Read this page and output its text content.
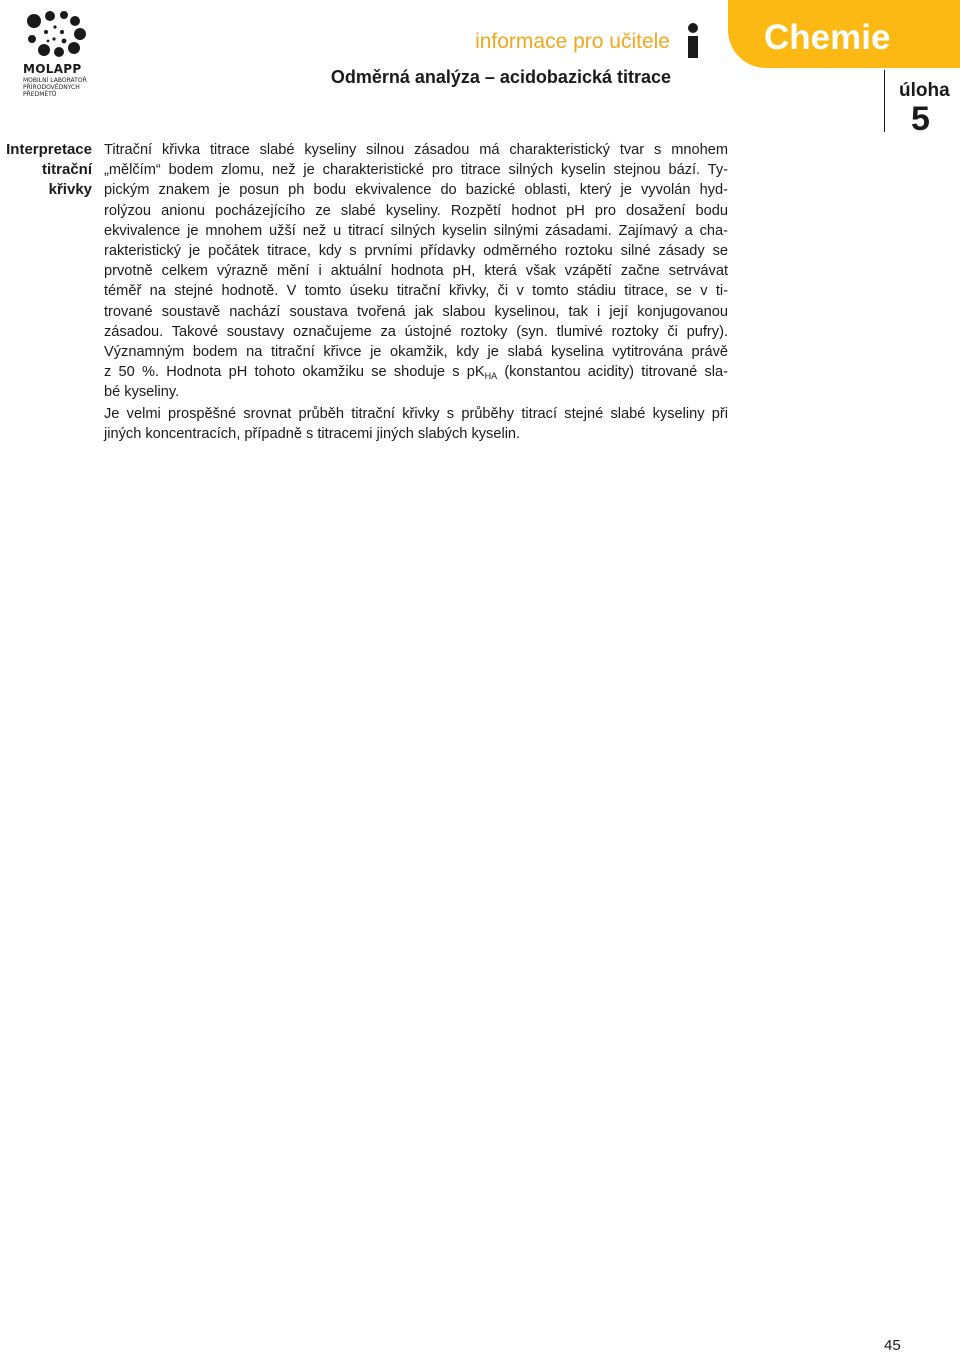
MOLAPP
MOBILNÍ LABORATOŘ
PŘÍRODOVĚDNÝCH
PŘEDMĚTŮ
informace pro učitele
Odměrná analýza – acidobazická titrace
Chemie
úloha
5
Interpretace
titrační
křivky

Titrační křivka titrace slabé kyseliny silnou zásadou má charakteristický tvar s mnohem
„mělčím“ bodem zlomu, než je charakteristické pro titrace silných kyselin stejnou bází. Ty-
pickým znakem je posun ph bodu ekvivalence do bazické oblasti, který je vyvolán hyd-
rolýzou anionu pocházejícího ze slabé kyseliny. Rozpětí hodnot pH pro dosažení bodu
ekvivalence je mnohem užší než u titrací silných kyselin silnými zásadami. Zajímavý a cha-
rakteristický je počátek titrace, kdy s prvními přídavky odměrného roztoku silné zásady se
prvotně celkem výrazně mění i aktuální hodnota pH, která však vzápětí začne setrvávat
téměř na stejné hodnotě. V tomto úseku titrační křivky, či v tomto stádiu titrace, se v ti-
trované soustavě nachází soustava tvořená jak slabou kyselinou, tak i její konjugovanou
zásadou. Takové soustavy označujeme za ústojné roztoky (syn. tlumivé roztoky či pufry).
Významným bodem na titrační křivce je okamžik, kdy je slabá kyselina vytitrována právě
z 50 %. Hodnota pH tohoto okamžiku se shoduje s $pK_{HA}$ (konstantou acidity) titrované sla-
bé kyseliny.

Je velmi prospěšné srovnat průběh titrační křivky s průběhy titrací stejné slabé kyseliny při
jiných koncentracích, případně s titracemi jiných slabých kyselin.

45
